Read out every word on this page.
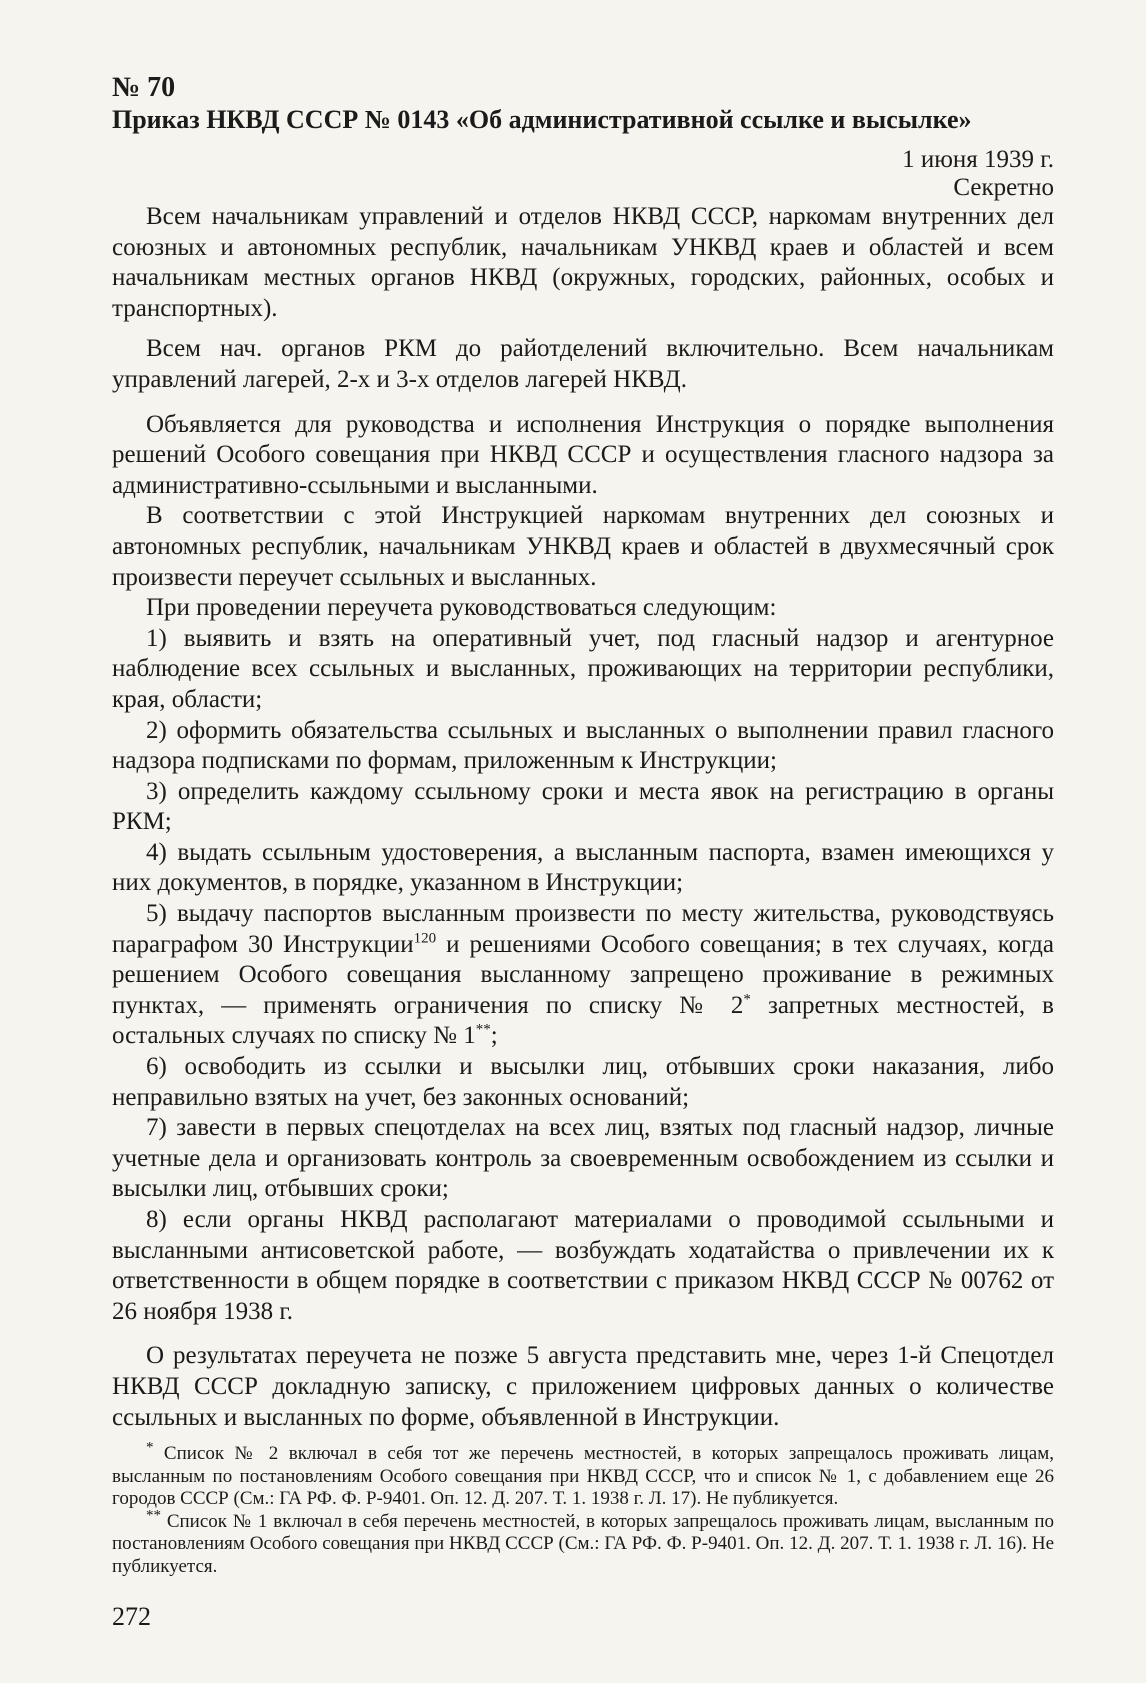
№ 70
Приказ НКВД СССР № 0143 «Об административной ссылке и высылке»
1 июня 1939 г.
Секретно

Всем начальникам управлений и отделов НКВД СССР, наркомам внутренних дел союзных и автономных республик, начальникам УНКВД краев и областей и всем начальникам местных органов НКВД (окружных, городских, районных, особых и транспортных).

Всем нач. органов РКМ до райотделений включительно. Всем начальникам управлений лагерей, 2-х и 3-х отделов лагерей НКВД.

Объявляется для руководства и исполнения Инструкция о порядке выполнения решений Особого совещания при НКВД СССР и осуществления гласного надзора за административно-ссыльными и высланными.

В соответствии с этой Инструкцией наркомам внутренних дел союзных и автономных республик, начальникам УНКВД краев и областей в двухмесячный срок произвести переучет ссыльных и высланных.

При проведении переучета руководствоваться следующим:

1) выявить и взять на оперативный учет, под гласный надзор и агентурное наблюдение всех ссыльных и высланных, проживающих на территории республики, края, области;

2) оформить обязательства ссыльных и высланных о выполнении правил гласного надзора подписками по формам, приложенным к Инструкции;

3) определить каждому ссыльному сроки и места явок на регистрацию в органы РКМ;

4) выдать ссыльным удостоверения, а высланным паспорта, взамен имеющихся у них документов, в порядке, указанном в Инструкции;

5) выдачу паспортов высланным произвести по месту жительства, руководствуясь параграфом 30 Инструкции$^{120}$ и решениями Особого совещания; в тех случаях, когда решением Особого совещания высланному запрещено проживание в режимных пунктах, — применять ограничения по списку № 2* запретных местностей, в остальных случаях по списку № 1**;

6) освободить из ссылки и высылки лиц, отбывших сроки наказания, либо неправильно взятых на учет, без законных оснований;

7) завести в первых спецотделах на всех лиц, взятых под гласный надзор, личные учетные дела и организовать контроль за своевременным освобождением из ссылки и высылки лиц, отбывших сроки;

8) если органы НКВД располагают материалами о проводимой ссыльными и высланными антисоветской работе, — возбуждать ходатайства о привлечении их к ответственности в общем порядке в соответствии с приказом НКВД СССР № 00762 от 26 ноября 1938 г.

О результатах переучета не позже 5 августа представить мне, через 1-й Спецотдел НКВД СССР докладную записку, с приложением цифровых данных о количестве ссыльных и высланных по форме, объявленной в Инструкции.

* Список № 2 включал в себя тот же перечень местностей, в которых запрещалось проживать лицам, высланным по постановлениям Особого совещания при НКВД СССР, что и список № 1, с добавлением еще 26 городов СССР (См.: ГА РФ. Ф. Р-9401. Оп. 12. Д. 207. Т. 1. 1938 г. Л. 17). Не публикуется.

** Список № 1 включал в себя перечень местностей, в которых запрещалось проживать лицам, высланным по постановлениям Особого совещания при НКВД СССР (См.: ГА РФ. Ф. Р-9401. Оп. 12. Д. 207. Т. 1. 1938 г. Л. 16). Не публикуется.

272
